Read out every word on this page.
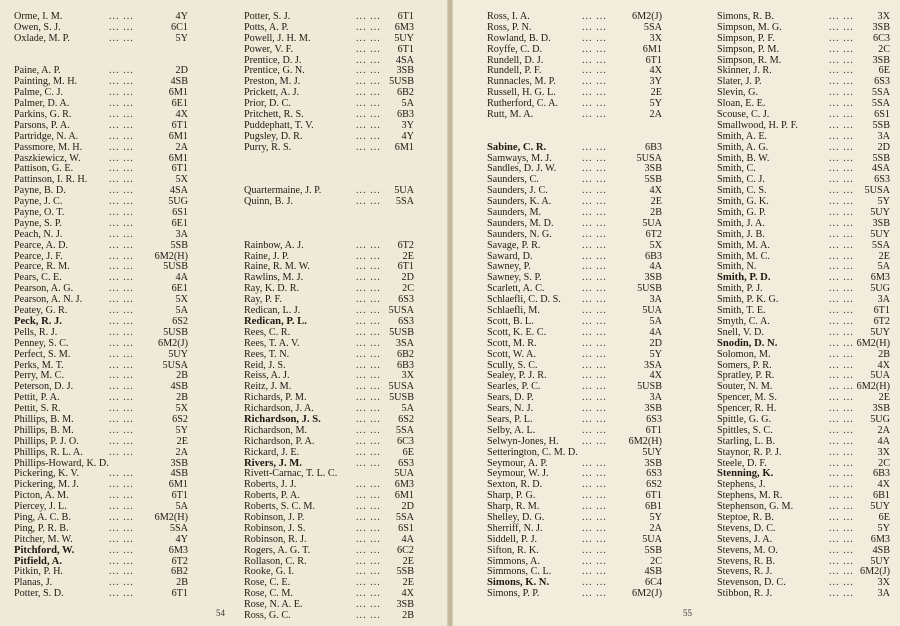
Orme, I. M.	... ...	4Y
Owen, S. J.	... ...	6C1
Oxlade, M. P.	... ...	5Y
Paine, A. P.	... ...	2D
Painting, M. H.	... ...	4SB
Palme, C. J.	... ...	6M1
Palmer, D. A.	... ...	6E1
Parkins, G. R.	... ...	4X
Parsons, P. A.	... ...	6T1
Partridge, N. A.	... ...	6M1
Passmore, M. H.	... ...	2A
Paszkiewicz, W.	... ...	6M1
Pattison, G. E.	... ...	6T1
Pattinson, I. R. H. ... ...	5X
Payne, B. D.	... ...	4SA
Payne, J. C.	... ...	5UG
Payne, O. T.	... ...	6S1
Payne, S. P.	... ...	6E1
Peach, N. J.	... ...	3A
Pearce, A. D.	... ...	5SB
Pearce, J. F.	... ... 6M2(H)
Pearce, R. M.	... ...	5USB
Pears, C. E.	... ...	4A
Pearson, A. G.	... ...	6E1
Pearson, A. N. J.	... ...	5X
Peatey, G. R.	... ...	5A
Peck, R. J.	... ...	6S2
Pells, R. J.	... ...	5USB
Penney, S. C.	... ... 6M2(J)
Perfect, S. M.	... ...	5UY
Perks, M. T.	... ...	5USA
Perry, M. C.	... ...	2B
Peterson, D. J.	... ...	4SB
Pettit, P. A.	... ...	2B
Pettit, S. R.	... ...	5X
Phillips, B. M.	... ...	6S2
Phillips, B. M.	... ...	5Y
Phillips, P. J. O.	... ...	2E
Phillips, R. L. A.	... ...	2A
Phillips-Howard, K. D.	3SB
Pickering, K. V.	... ...	4SB
Pickering, M. J.	... ...	6M1
Picton, A. M.	... ...	6T1
Piercey, J. L.	... ...	5A
Ping, A. C. B.	... ... 6M2(H)
Ping, P. R. B.	... ...	5SA
Pitcher, M. W.	... ...	4Y
Pitchford, W.	... ...	6M3
Pitfield, A.	... ...	6T2
Pitkin, P. H.	... ...	6B2
Planas, J.	... ...	2B
Potter, S. D.	... ...	6T1
Potter, S. J.	... ... 6T1
Potts, A. P.	... ... 6M3
Powell, J. H. M.	... ... 5UY
Power, V. F.	... ... 6T1
Prentice, D. J.	... ... 4SA
Prentice, G. N.	... ... 3SB
Preston, M. J.	... ... 5USB
Prickett, A. J.	... ... 6B2
Prior, D. C.	... ... 5A
Pritchett, R. S.	... ... 6B3
Puddephatt, T. V.	... ... 3Y
Pugsley, D. R.	... ... 4Y
Purry, R. S.	... ... 6M1
Quartermaine, J. P.	... ... 5UA
Quinn, B. J.	... ... 5SA
Rainbow, A. J.	... ... 6T2
Raine, J. P.	... ... 2E
Raine, R. M. W.	... ... 6T1
Rawlins, M. J.	... ... 2D
Ray, K. D. R.	... ... 2C
Ray, P. F.	... ... 6S3
Redican, L. J.	... ... 5USA
Redican, P. L.	... ... 6S3
Rees, C. R.	... ... 5USB
Rees, T. A. V.	... ... 3SA
Rees, T. N.	... ... 6B2
Reid, J. S.	... ... 6B3
Reiss, A. J.	... ... 3X
Reitz, J. M.	... ... 5USA
Richards, P. M.	... ... 5USB
Richardson, J. A.	... ... 5A
Richardson, J. S.	... ... 6S2
Richardson, M.	... ... 5SA
Richardson, P. A.	... ... 6C3
Rickard, J. E.	... ... 6E
Rivers, J. M.	... ... 6S3
Rivett-Carnac, T. L. C.	5UA
Roberts, J. J.	... ... 6M3
Roberts, P. A.	... ... 6M1
Roberts, S. C. M.	... ... 2D
Robinson, J. P.	... ... 5SA
Robinson, J. S.	... ... 6S1
Robinson, R. J.	... ... 4A
Rogers, A. G. T.	... ... 6C2
Rollason, C. R.	... ... 2E
Rooke, G. I.	... ... 5SB
Rose, C. E.	... ... 2E
Rose, C. M.	... ... 4X
Rose, N. A. E.	... ... 3SB
Ross, G. C.	... ... 2B
54
Ross, I. A.	... ... 6M2(J)
Ross, P. N.	... ...	5SA
Rowland, B. D.	... ...	3X
Royffe, C. D.	... ...	6M1
Rundell, D. J.	... ...	6T1
Rundell, P. F.	... ...	4X
Runnacles, M. P.	... ...	3Y
Russell, H. G. L.	... ...	2E
Rutherford, C. A. ... ...	5Y
Rutt, M. A.	... ...	2A
Sabine, C. R.	... ...	6B3
Samways, M. J.	... ...	5USA
Sandles, D. J. W.	... ...	3SB
Saunders, C.	... ...	5SB
Saunders, J. C.	... ...	4X
Saunders, K. A.	... ...	2E
Saunders, M.	... ...	2B
Saunders, M. D.	... ...	5UA
Saunders, N. G.	... ...	6T2
Savage, P. R.	... ...	5X
Saward, D.	... ...	6B3
Sawney, P.	... ...	4A
Sawney, S. P.	... ...	3SB
Scarlett, A. C.	... ...	5USB
Schlaefli, C. D. S. ... ...	3A
Schlaefli, M.	... ...	5UA
Scott, B. L.	... ...	5A
Scott, K. E. C.	... ...	4A
Scott, M. R.	... ...	2D
Scott, W. A.	... ...	5Y
Scully, S. C.	... ...	3SA
Sealey, P. J. R.	... ...	4X
Searles, P. C.	... ...	5USB
Sears, D. P.	... ...	3A
Sears, N. J.	... ...	3SB
Sears, P. L.	... ...	6S3
Selby, A. L.	... ...	6T1
Selwyn-Jones, H. ... ... 6M2(H)
Setterington, C. M. D.	5UY
Seymour, A. P.	... ...	3SB
Seymour, W. J.	... ...	6S3
Sexton, R. D.	... ...	6S2
Sharp, P. G.	... ...	6T1
Sharp, R. M.	... ...	6B1
Shelley, D. G.	... ...	5Y
Sherriff, N. J.	... ...	2A
Siddell, P. J.	... ...	5UA
Sifton, R. K.	... ...	5SB
Simmons, A.	... ...	2C
Simmons, C. L.	... ...	4SB
Simons, K. N.	... ...	6C4
Simons, P. P.	... ... 6M2(J)
Simons, R. B.	... ... 3X
Simpson, M. G.	... ... 3SB
Simpson, P. F.	... ... 6C3
Simpson, P. M.	... ... 2C
Simpson, R. M.	... ... 3SB
Skinner, J. R.	... ... 6E
Slater, J. P.	... ... 6S3
Slevin, G.	... ... 5SA
Sloan, E. E.	... ... 5SA
Scouse, C. J.	... ... 6S1
Smallwood, H. P. F.	... ... 5SB
Smith, A. E.	... ... 3A
Smith, A. G.	... ... 2D
Smith, B. W.	... ... 5SB
Smith, C.	... ... 4SA
Smith, C. J.	... ... 6S3
Smith, C. S.	... ... 5USA
Smith, G. K.	... ... 5Y
Smith, G. P.	... ... 5UY
Smith, J. A.	... ... 3SB
Smith, J. B.	... ... 5UY
Smith, M. A.	... ... 5SA
Smith, M. C.	... ... 2E
Smith, N.	... ... 5A
Smith, P. D.	... ... 6M3
Smith, P. J.	... ... 5UG
Smith, P. K. G.	... ... 3A
Smith, T. E.	... ... 6T1
Smyth, C. A.	... ... 6T2
Snell, V. D.	... ... 5UY
Snodin, D. N.	... ... 6M2(H)
Solomon, M.	... ... 2B
Somers, P. R.	... ... 4X
Spratley, P. R.	... ... 5UA
Souter, N. M.	... ... 6M2(H)
Spencer, M. S.	... ... 2E
Spencer, R. H.	... ... 3SB
Spittle, G. G.	... ... 5UG
Spittles, S. C.	... ... 2A
Starling, L. B.	... ... 4A
Staynor, R. P. J.	... ... 3X
Steele, D. F.	... ... 2C
Stenning, K.	... ... 6B3
Stephens, J.	... ... 4X
Stephens, M. R.	... ... 6B1
Stephenson, G. M.	... ... 5UY
Steptoe, R. B.	... ... 6E
Stevens, D. C.	... ... 5Y
Stevens, J. A.	... ... 6M3
Stevens, M. O.	... ... 4SB
Stevens, R. B.	... ... 5UY
Stevens, R. J.	... ... 6M2(J)
Stevenson, D. C.	... ... 3X
Stibbon, R. J.	... ... 3A
55
